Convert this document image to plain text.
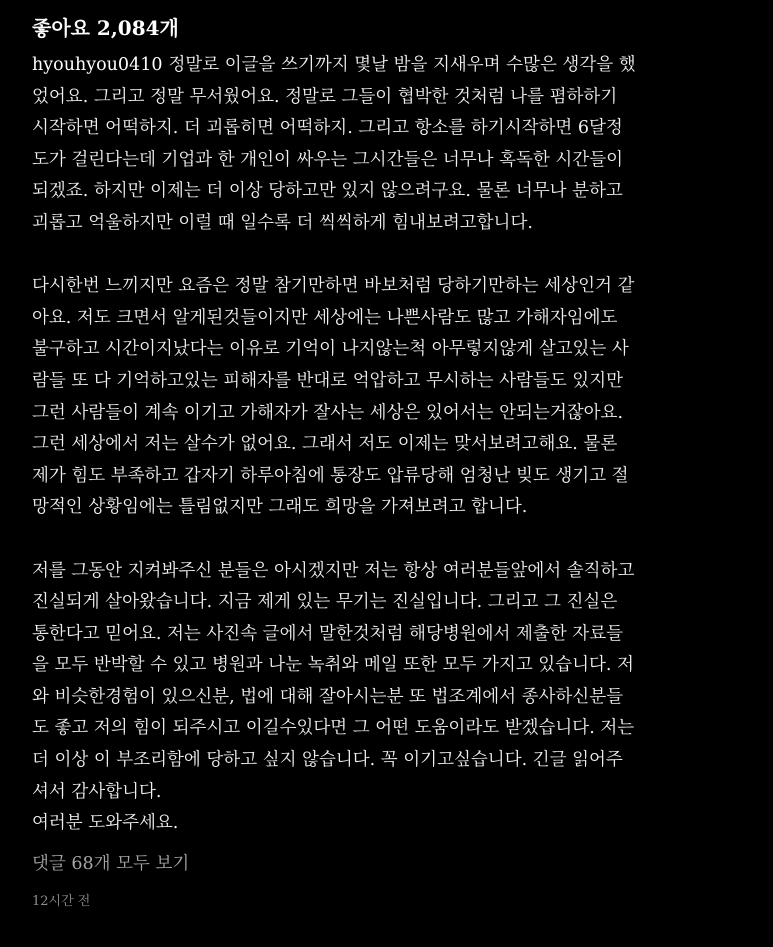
좋아요 2,084개
hyouhyou0410 정말로 이글을 쓰기까지 몇날 밤을 지새우며 수많은 생각을 했
었어요. 그리고 정말 무서웠어요. 정말로 그들이 협박한 것처럼 나를 폄하하기
시작하면 어떡하지. 더 괴롭히면 어떡하지. 그리고 항소를 하기시작하면 6달정
도가 걸린다는데 기업과 한 개인이 싸우는 그시간들은 너무나 혹독한 시간들이
되겠죠. 하지만 이제는 더 이상 당하고만 있지 않으려구요. 물론 너무나 분하고
괴롭고 억울하지만 이럴 때 일수록 더 씩씩하게 힘내보려고합니다.
다시한번 느끼지만 요즘은 정말 참기만하면 바보처럼 당하기만하는 세상인거 같
아요. 저도 크면서 알게된것들이지만 세상에는 나쁜사람도 많고 가해자임에도
불구하고 시간이지났다는 이유로 기억이 나지않는척 아무렇지않게 살고있는 사
람들 또 다 기억하고있는 피해자를 반대로 억압하고 무시하는 사람들도 있지만
그런 사람들이 계속 이기고 가해자가 잘사는 세상은 있어서는 안되는거잖아요.
그런 세상에서 저는 살수가 없어요. 그래서 저도 이제는 맞서보려고해요. 물론
제가 힘도 부족하고 갑자기 하루아침에 통장도 압류당해 엄청난 빚도 생기고 절
망적인 상황임에는 틀림없지만 그래도 희망을 가져보려고 합니다.
저를 그동안 지켜봐주신 분들은 아시겠지만 저는 항상 여러분들앞에서 솔직하고
진실되게 살아왔습니다. 지금 제게 있는 무기는 진실입니다. 그리고 그 진실은
통한다고 믿어요. 저는 사진속 글에서 말한것처럼 해당병원에서 제출한 자료들
을 모두 반박할 수 있고 병원과 나눈 녹취와 메일 또한 모두 가지고 있습니다. 저
와 비슷한경험이 있으신분, 법에 대해 잘아시는분 또 법조계에서 종사하신분들
도 좋고 저의 힘이 되주시고 이길수있다면 그 어떤 도움이라도 받겠습니다. 저는
더 이상 이 부조리함에 당하고 싶지 않습니다. 꼭 이기고싶습니다. 긴글 읽어주
셔서 감사합니다.
여러분 도와주세요.
댓글 68개 모두 보기
12시간 전
